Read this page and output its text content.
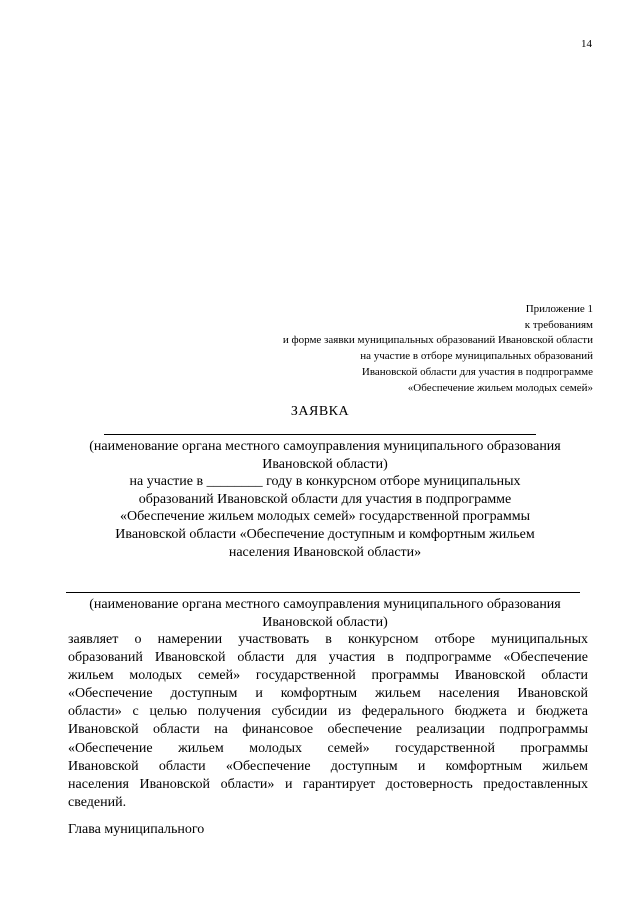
14
Приложение 1
к требованиям
и форме заявки муниципальных образований Ивановской области
на участие в отборе муниципальных образований
Ивановской области для участия в подпрограмме
«Обеспечение жильем молодых семей»
ЗАЯВКА
(наименование органа местного самоуправления муниципального образования
Ивановской области)
на участие в ________ году в конкурсном отборе муниципальных
образований Ивановской области для участия в подпрограмме
«Обеспечение жильем молодых семей» государственной программы
Ивановской области «Обеспечение доступным и комфортным жильем
населения Ивановской области»
(наименование органа местного самоуправления муниципального образования
Ивановской области)
заявляет о намерении участвовать в конкурсном отборе муниципальных
образований Ивановской области для участия в подпрограмме «Обеспечение
жильем молодых семей» государственной программы Ивановской области
«Обеспечение доступным и комфортным жильем населения Ивановской
области» с целью получения субсидии из федерального бюджета и бюджета
Ивановской области на финансовое обеспечение реализации подпрограммы
«Обеспечение жильем молодых семей» государственной программы
Ивановской области «Обеспечение доступным и комфортным жильем
населения Ивановской области» и гарантирует достоверность предоставленных
сведений.
Глава муниципального
